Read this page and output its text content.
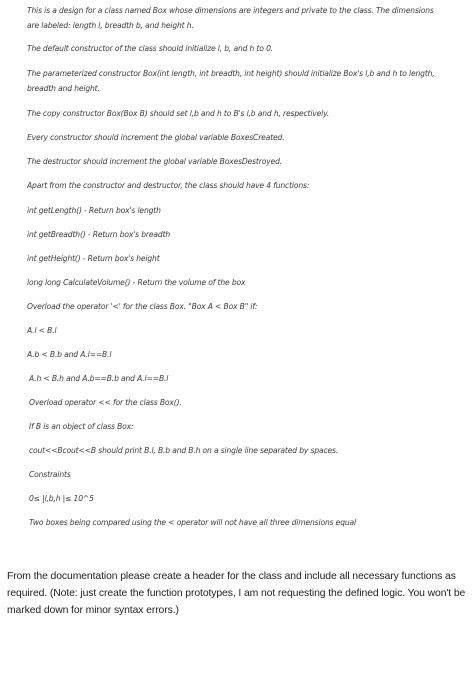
This is a design for a class named Box whose dimensions are integers and private to the class. The dimensions are labeled: length l, breadth b, and height h.

The default constructor of the class should initialize l, b, and h to 0.

The parameterized constructor Box(int length, int breadth, int height) should initialize Box's l,b and h to length, breadth and height.

The copy constructor Box(Box B) should set l,b and h to B's l,b and h, respectively.

Every constructor should increment the global variable BoxesCreated.

The destructor should increment the global variable BoxesDestroyed.

Apart from the constructor and destructor, the class should have 4 functions:

int getLength() - Return box's length

int getBreadth() - Return box's breadth

int getHeight() - Return box's height

long long CalculateVolume() - Return the volume of the box

Overload the operator '<' for the class Box. "Box A < Box B" if:

A.l < B.l

A.b < B.b and A.l==B.l

A.h < B.h and A.b==B.b and A.l==B.l

Overload operator << for the class Box().

If B is an object of class Box:

cout<<Bcout<<B should print B.l, B.b and B.h on a single line separated by spaces.

Constraints

0≤ |l,b,h |≤ 10^5

Two boxes being compared using the < operator will not have all three dimensions equal

From the documentation please create a header for the class and include all necessary functions as required. (Note: just create the function prototypes, I am not requesting the defined logic. You won't be marked down for minor syntax errors.)
